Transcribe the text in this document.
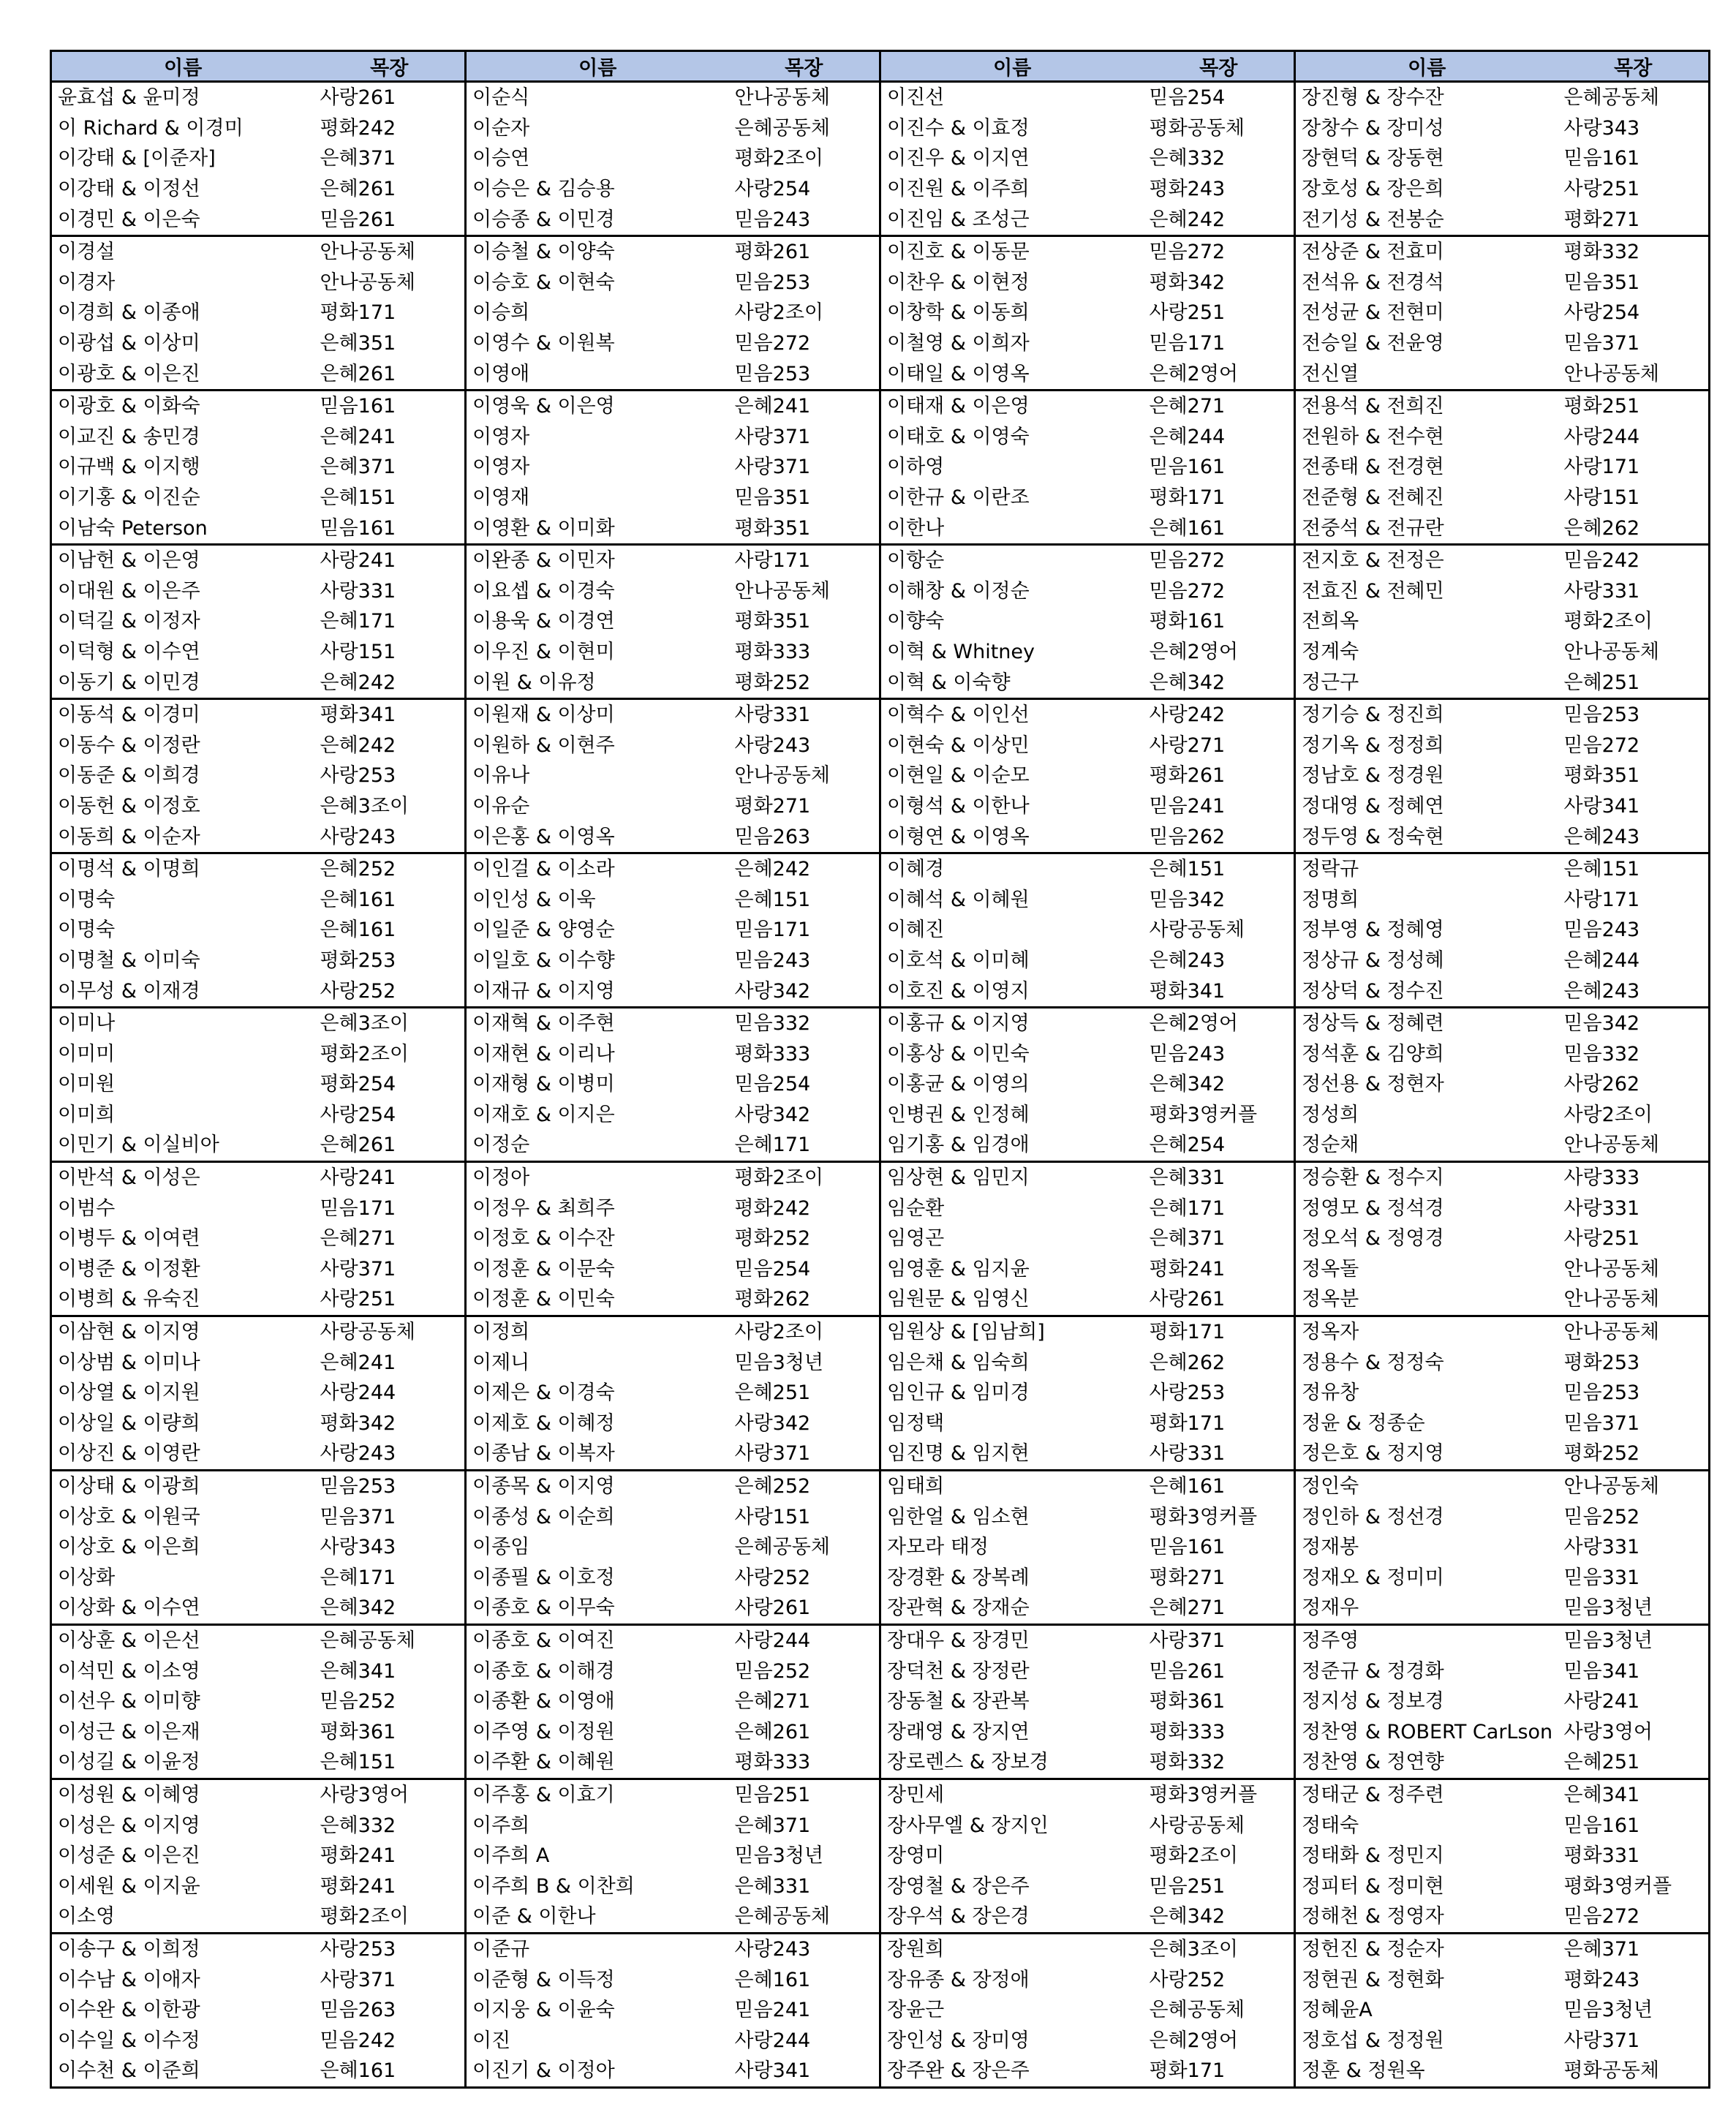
이름	목장	이름	목장	이름	목장	이름	목장
윤효섭 & 윤미정	사랑261	이순식	안나공동체	이진선	믿음254	장진형 & 장수잔	은혜공동체
이 Richard & 이경미	평화242	이순자	은혜공동체	이진수 & 이효정	평화공동체	장창수 & 장미성	사랑343
이강태 & [이준자]	은혜371	이승연	평화2조이	이진우 & 이지연	은혜332	장현덕 & 장동현	믿음161
이강태 & 이정선	은혜261	이승은 & 김승용	사랑254	이진원 & 이주희	평화243	장호성 & 장은희	사랑251
이경민 & 이은숙	믿음261	이승종 & 이민경	믿음243	이진임 & 조성근	은혜242	전기성 & 전봉순	평화271
이경설	안나공동체	이승철 & 이양숙	평화261	이진호 & 이동문	믿음272	전상준 & 전효미	평화332
이경자	안나공동체	이승호 & 이현숙	믿음253	이찬우 & 이현정	평화342	전석유 & 전경석	믿음351
이경희 & 이종애	평화171	이승희	사랑2조이	이창학 & 이동희	사랑251	전성균 & 전현미	사랑254
이광섭 & 이상미	은혜351	이영수 & 이원복	믿음272	이철영 & 이희자	믿음171	전승일 & 전윤영	믿음371
이광호 & 이은진	은혜261	이영애	믿음253	이태일 & 이영옥	은혜2영어	전신열	안나공동체
이광호 & 이화숙	믿음161	이영욱 & 이은영	은혜241	이태재 & 이은영	은혜271	전용석 & 전희진	평화251
이교진 & 송민경	은혜241	이영자	사랑371	이태호 & 이영숙	은혜244	전원하 & 전수현	사랑244
이규백 & 이지행	은혜371	이영자	사랑371	이하영	믿음161	전종태 & 전경현	사랑171
이기홍 & 이진순	은혜151	이영재	믿음351	이한규 & 이란조	평화171	전준형 & 전혜진	사랑151
이남숙 Peterson	믿음161	이영환 & 이미화	평화351	이한나	은혜161	전중석 & 전규란	은혜262
이남헌 & 이은영	사랑241	이완종 & 이민자	사랑171	이항순	믿음272	전지호 & 전정은	믿음242
이대원 & 이은주	사랑331	이요셉 & 이경숙	안나공동체	이해창 & 이정순	믿음272	전효진 & 전혜민	사랑331
이덕길 & 이정자	은혜171	이용욱 & 이경연	평화351	이향숙	평화161	전희옥	평화2조이
이덕형 & 이수연	사랑151	이우진 & 이현미	평화333	이혁 & Whitney	은혜2영어	정계숙	안나공동체
이동기 & 이민경	은혜242	이원 & 이유정	평화252	이혁 & 이숙향	은혜342	정근구	은혜251
이동석 & 이경미	평화341	이원재 & 이상미	사랑331	이혁수 & 이인선	사랑242	정기승 & 정진희	믿음253
이동수 & 이정란	은혜242	이원하 & 이현주	사랑243	이현숙 & 이상민	사랑271	정기옥 & 정정희	믿음272
이동준 & 이희경	사랑253	이유나	안나공동체	이현일 & 이순모	평화261	정남호 & 정경원	평화351
이동헌 & 이정호	은혜3조이	이유순	평화271	이형석 & 이한나	믿음241	정대영 & 정혜연	사랑341
이동희 & 이순자	사랑243	이은홍 & 이영옥	믿음263	이형연 & 이영옥	믿음262	정두영 & 정숙현	은혜243
이명석 & 이명희	은혜252	이인걸 & 이소라	은혜242	이혜경	은혜151	정락규	은혜151
이명숙	은혜161	이인성 & 이욱	은혜151	이혜석 & 이혜원	믿음342	정명희	사랑171
이명숙	은혜161	이일준 & 양영순	믿음171	이혜진	사랑공동체	정부영 & 정혜영	믿음243
이명철 & 이미숙	평화253	이일호 & 이수향	믿음243	이호석 & 이미혜	은혜243	정상규 & 정성혜	은혜244
이무성 & 이재경	사랑252	이재규 & 이지영	사랑342	이호진 & 이영지	평화341	정상덕 & 정수진	은혜243
이미나	은혜3조이	이재혁 & 이주현	믿음332	이홍규 & 이지영	은혜2영어	정상득 & 정혜련	믿음342
이미미	평화2조이	이재현 & 이리나	평화333	이홍상 & 이민숙	믿음243	정석훈 & 김양희	믿음332
이미원	평화254	이재형 & 이병미	믿음254	이홍균 & 이영의	은혜342	정선용 & 정현자	사랑262
이미희	사랑254	이재호 & 이지은	사랑342	인병권 & 인정혜	평화3영커플	정성희	사랑2조이
이민기 & 이실비아	은혜261	이정순	은혜171	임기홍 & 임경애	은혜254	정순채	안나공동체
이반석 & 이성은	사랑241	이정아	평화2조이	임상현 & 임민지	은혜331	정승환 & 정수지	사랑333
이범수	믿음171	이정우 & 최희주	평화242	임순환	은혜171	정영모 & 정석경	사랑331
이병두 & 이여련	은혜271	이정호 & 이수잔	평화252	임영곤	은혜371	정오석 & 정영경	사랑251
이병준 & 이정환	사랑371	이정훈 & 이문숙	믿음254	임영훈 & 임지윤	평화241	정옥돌	안나공동체
이병희 & 유숙진	사랑251	이정훈 & 이민숙	평화262	임원문 & 임영신	사랑261	정옥분	안나공동체
이삼현 & 이지영	사랑공동체	이정희	사랑2조이	임원상 & [임남희]	평화171	정옥자	안나공동체
이상범 & 이미나	은혜241	이제니	믿음3청년	임은채 & 임숙희	은혜262	정용수 & 정정숙	평화253
이상열 & 이지원	사랑244	이제은 & 이경숙	은혜251	임인규 & 임미경	사랑253	정유창	믿음253
이상일 & 이량희	평화342	이제호 & 이혜정	사랑342	임정택	평화171	정윤 & 정종순	믿음371
이상진 & 이영란	사랑243	이종남 & 이복자	사랑371	임진명 & 임지현	사랑331	정은호 & 정지영	평화252
이상태 & 이광희	믿음253	이종목 & 이지영	은혜252	임태희	은혜161	정인숙	안나공동체
이상호 & 이원국	믿음371	이종성 & 이순희	사랑151	임한얼 & 임소현	평화3영커플	정인하 & 정선경	믿음252
이상호 & 이은희	사랑343	이종임	은혜공동체	자모라 태정	믿음161	정재봉	사랑331
이상화	은혜171	이종필 & 이호정	사랑252	장경환 & 장복례	평화271	정재오 & 정미미	믿음331
이상화 & 이수연	은혜342	이종호 & 이무숙	사랑261	장관혁 & 장재순	은혜271	정재우	믿음3청년
이상훈 & 이은선	은혜공동체	이종호 & 이여진	사랑244	장대우 & 장경민	사랑371	정주영	믿음3청년
이석민 & 이소영	은혜341	이종호 & 이해경	믿음252	장덕천 & 장정란	믿음261	정준규 & 정경화	믿음341
이선우 & 이미향	믿음252	이종환 & 이영애	은혜271	장동철 & 장관복	평화361	정지성 & 정보경	사랑241
이성근 & 이은재	평화361	이주영 & 이정원	은혜261	장래영 & 장지연	평화333	정찬영 & ROBERT CarLson	사랑3영어
이성길 & 이윤정	은혜151	이주환 & 이혜원	평화333	장로렌스 & 장보경	평화332	정찬영 & 정연향	은혜251
이성원 & 이혜영	사랑3영어	이주홍 & 이효기	믿음251	장민세	평화3영커플	정태군 & 정주련	은혜341
이성은 & 이지영	은혜332	이주희	은혜371	장사무엘 & 장지인	사랑공동체	정태숙	믿음161
이성준 & 이은진	평화241	이주희 A	믿음3청년	장영미	평화2조이	정태화 & 정민지	평화331
이세원 & 이지윤	평화241	이주희 B & 이찬희	은혜331	장영철 & 장은주	믿음251	정피터 & 정미현	평화3영커플
이소영	평화2조이	이준 & 이한나	은혜공동체	장우석 & 장은경	은혜342	정해천 & 정영자	믿음272
이송구 & 이희정	사랑253	이준규	사랑243	장원희	은혜3조이	정헌진 & 정순자	은혜371
이수남 & 이애자	사랑371	이준형 & 이득정	은혜161	장유종 & 장정애	사랑252	정현권 & 정현화	평화243
이수완 & 이한광	믿음263	이지웅 & 이윤숙	믿음241	장윤근	은혜공동체	정혜윤A	믿음3청년
이수일 & 이수정	믿음242	이진	사랑244	장인성 & 장미영	은혜2영어	정호섭 & 정정원	사랑371
이수천 & 이준희	은혜161	이진기 & 이정아	사랑341	장주완 & 장은주	평화171	정훈 & 정원옥	평화공동체
